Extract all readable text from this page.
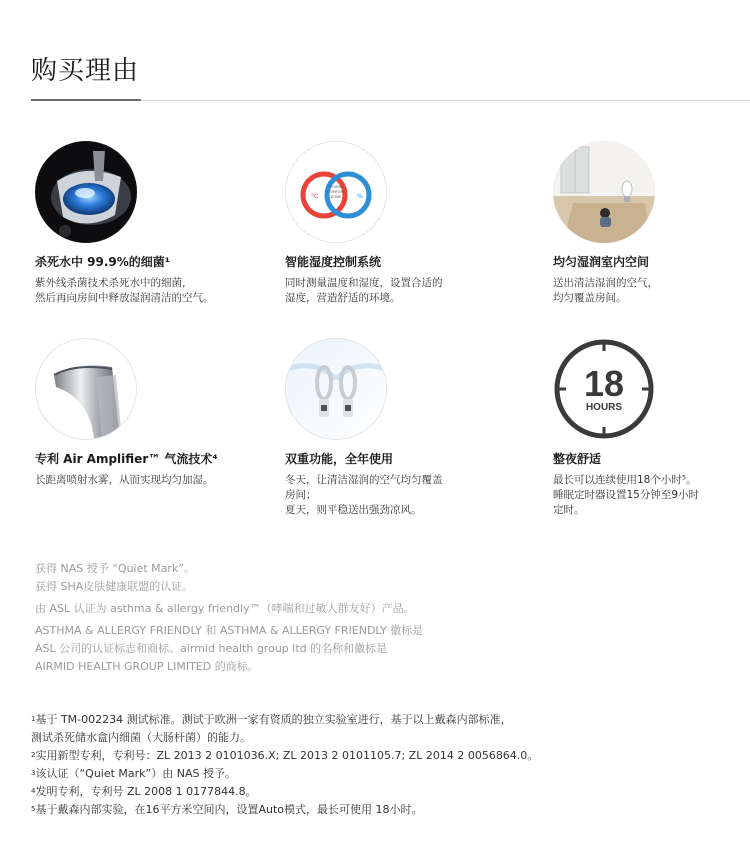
购买理由
杀死水中 99.9%的细菌¹
紫外线杀菌技术杀死水中的细菌，
然后再向房间中释放湿润清洁的空气。
°C	%
HYGIENIC
COMFORT
ZONE
智能湿度控制系统
同时测量温度和湿度，设置合适的
湿度，营造舒适的环境。
均匀湿润室内空间
送出清洁湿润的空气，
均匀覆盖房间。
专利 Air Amplifier™ 气流技术⁴
长距离喷射水雾，从而实现均匀加湿。
双重功能，全年使用
冬天，让清洁湿润的空气均匀覆盖
房间；
夏天，则平稳送出强劲凉风。
18
HOURS
整夜舒适
最长可以连续使用18个小时⁵。
睡眠定时器设置15分钟至9小时
定时。
获得 NAS 授予 “Quiet Mark”。
获得 SHA皮肤健康联盟的认证。
由 ASL 认证为 asthma & allergy friendly™（哮喘和过敏人群友好）产品。
ASTHMA & ALLERGY FRIENDLY 和 ASTHMA & ALLERGY FRIENDLY 徽标是
ASL 公司的认证标志和商标。airmid health group ltd 的名称和徽标是
AIRMID HEALTH GROUP LIMITED 的商标。
$^1$基于 TM-002234 测试标准。测试于欧洲一家有资质的独立实验室进行，基于以上戴森内部标准，
测试杀死储水盒内细菌（大肠杆菌）的能力。
$^2$实用新型专利，专利号：ZL 2013 2 0101036.X; ZL 2013 2 0101105.7; ZL 2014 2 0056864.0。
$^3$该认证（“Quiet Mark”）由 NAS 授予。
$^4$发明专利，专利号 ZL 2008 1 0177844.8。
$^5$基于戴森内部实验，在16平方米空间内，设置Auto模式，最长可使用 18小时。
